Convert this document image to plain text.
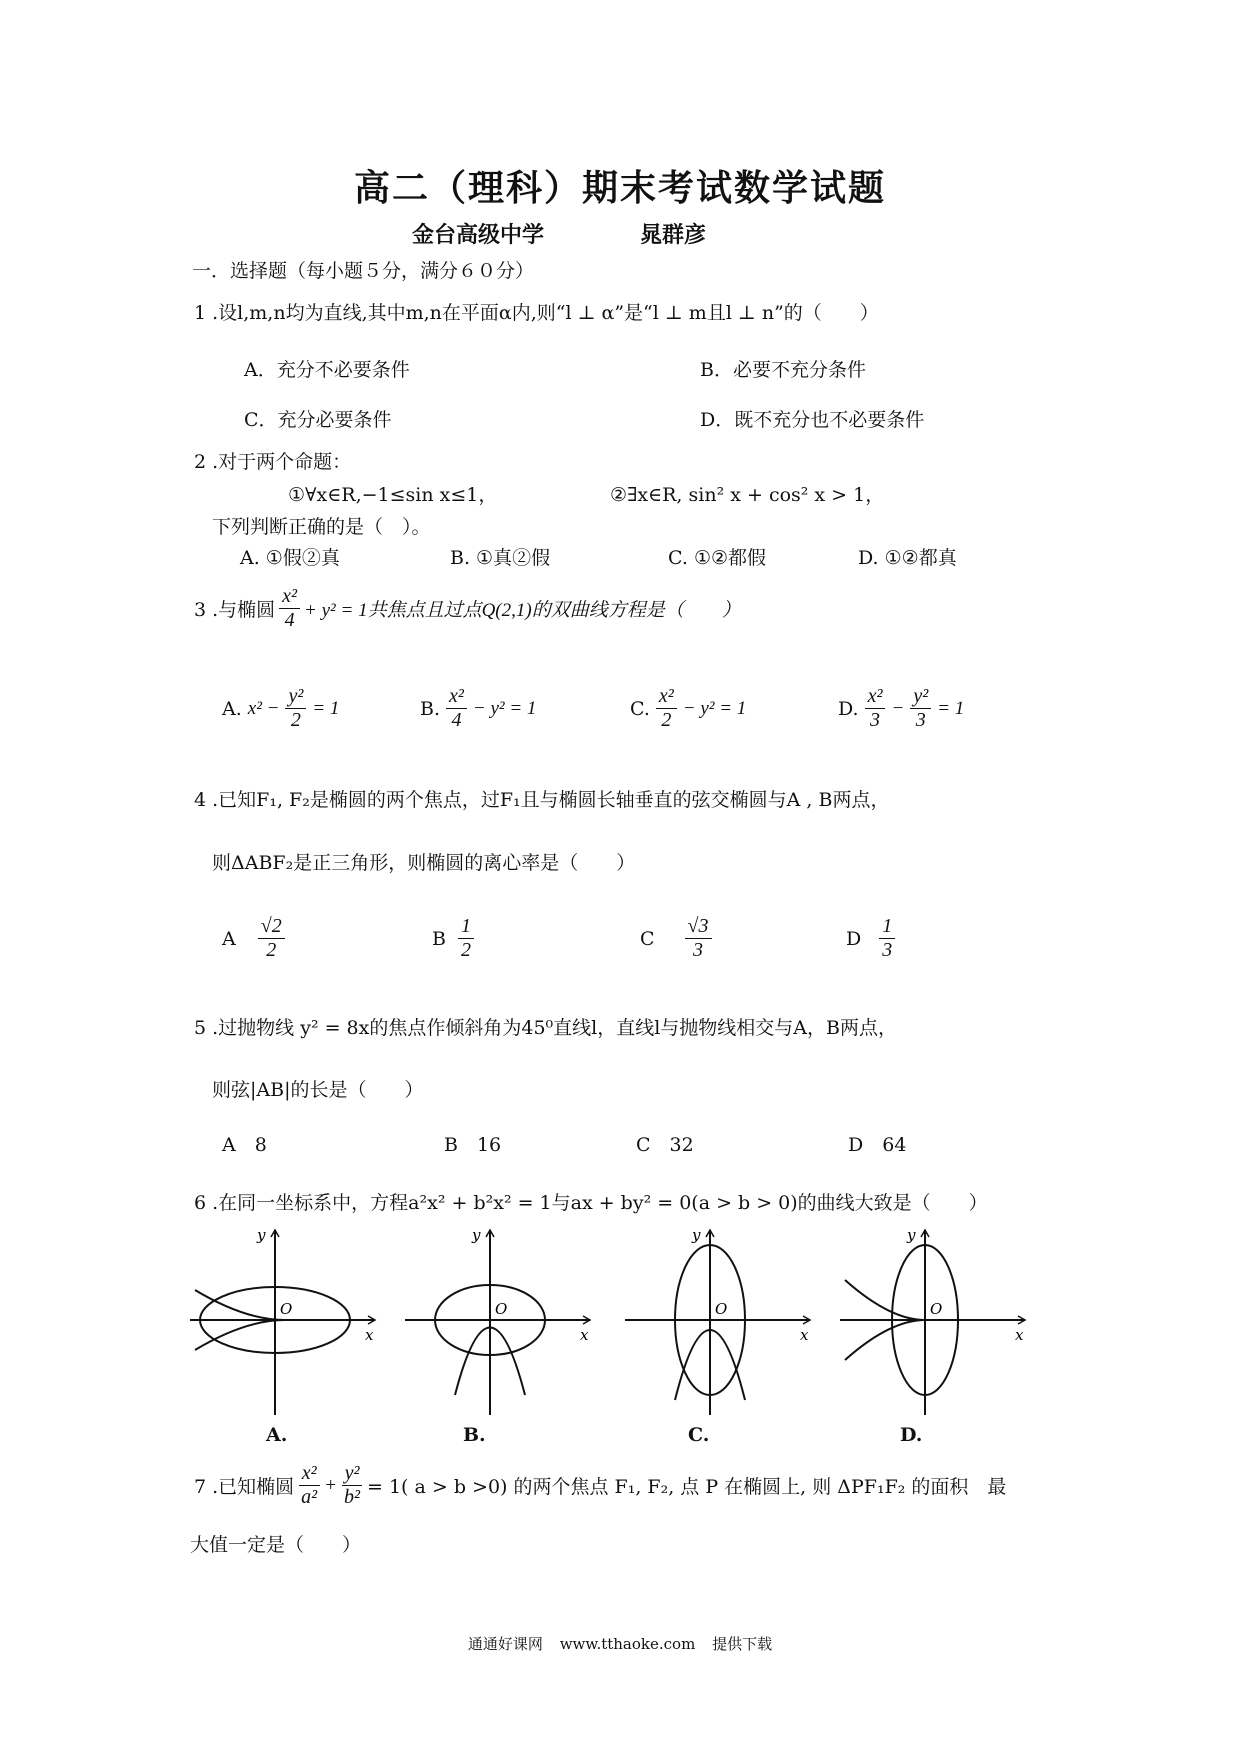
高二（理科）期末考试数学试题
金台高级中学	晁群彦
一．选择题（每小题５分，满分６０分）
1 .设l,m,n均为直线,其中m,n在平面α内,则“l ⊥ α”是“l ⊥ m且l ⊥ n”的（　　）
A．充分不必要条件	B．必要不充分条件
C．充分必要条件	D．既不充分也不必要条件
2 .对于两个命题：
①∀x∈R,−1≤sin x≤1，	②∃x∈R, sin² x + cos² x > 1，
下列判断正确的是（　）。
A. ①假②真	B. ①真②假	C. ①②都假	D. ①②都真
3 .与椭圆 $\frac{\text{x²}}{4} + y^2 = 1$共焦点且过点Q(2,1)的双曲线方程是（　　）
A. $x^2 - \frac{\text{y²}}{2} = 1$	B. $\frac{\text{x²}}{4} - y^2 = 1$	C. $\frac{\text{x²}}{2} - y^2 = 1$	D. $\frac{\text{x²}}{3} - \frac{\text{y²}}{3} = 1$
4 .已知F₁, F₂是椭圆的两个焦点，过F₁且与椭圆长轴垂直的弦交椭圆与A , B两点，
则ΔABF₂是正三角形，则椭圆的离心率是（　　）
A $\frac{√2}{2}$	B $\frac{1}{2}$	C $\frac{√3}{3}$	D $\frac{1}{3}$
5 .过抛物线 y² = 8x的焦点作倾斜角为45⁰直线l，直线l与抛物线相交与A，B两点，
则弦|AB|的长是（　　）
A　8	B　16	C　32	D　64
6 .在同一坐标系中，方程a²x² + b²x² = 1与ax + by² = 0(a > b > 0)的曲线大致是（　　）
x
y
O
A.
x
y
O
B.
x
y
O
C.
x
y
O
D.
7 .已知椭圆 $\frac{\text{x²}}{\text{a²}} + \frac{\text{y²}}{\text{b²}} = 1$( a > b >0) 的两个焦点 F₁, F₂, 点 P 在椭圆上, 则 ΔPF₁F₂ 的面积　最
大值一定是（　　）
通通好课网 www.tthaoke.com 提供下载
